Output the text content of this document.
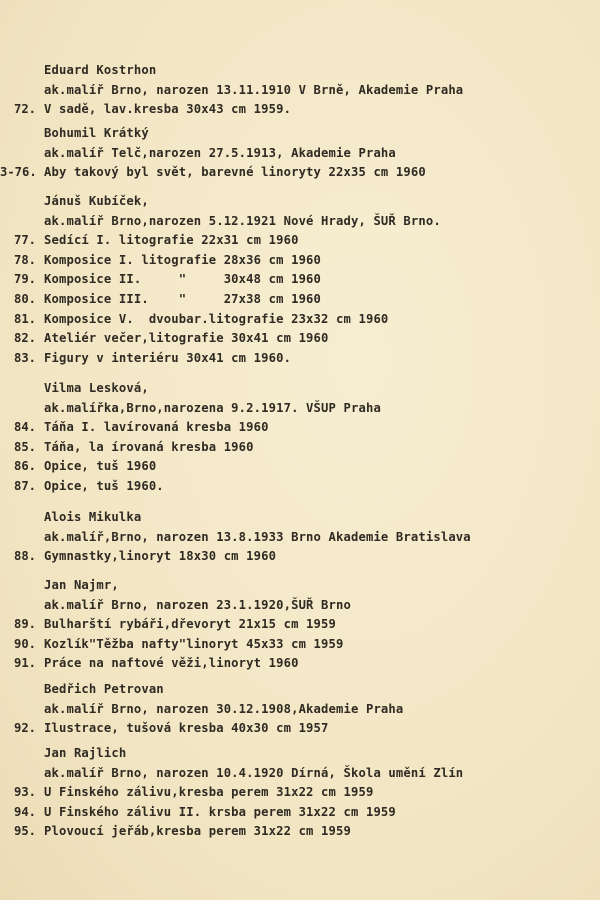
Eduard Kostrhon
ak.malíř Brno, narozen 13.11.1910 V Brně, Akademie Praha
72. V sadě, lav.kresba 30x43 cm 1959.
Bohumil Krátký
ak.malíř Telč,narozen 27.5.1913, Akademie Praha
3-76. Aby takový byl svět, barevné linoryty 22x35 cm 1960
Jánuš Kubíček,
ak.malíř Brno,narozen 5.12.1921 Nové Hrady, ŠUŘ Brno.
77. Sedící I. litografie 22x31 cm 1960
78. Komposice I. litografie 28x36 cm 1960
79. Komposice II.     "     30x48 cm 1960
80. Komposice III.    "     27x38 cm 1960
81. Komposice V.  dvoubar.litografie 23x32 cm 1960
82. Ateliér večer,litografie 30x41 cm 1960
83. Figury v interiéru 30x41 cm 1960.
Vilma Lesková,
ak.malířka,Brno,narozena 9.2.1917. VŠUP Praha
84. Táňa I. lavírovaná kresba 1960
85. Táňa, la írovaná kresba 1960
86. Opice, tuš 1960
87. Opice, tuš 1960.
Alois Mikulka
ak.malíř,Brno, narozen 13.8.1933 Brno Akademie Bratislava
88. Gymnastky,linoryt 18x30 cm 1960
Jan Najmr,
ak.malíř Brno, narozen 23.1.1920,ŠUŘ Brno
89. Bulharští rybáři,dřevoryt 21x15 cm 1959
90. Kozlík"Těžba nafty"linoryt 45x33 cm 1959
91. Práce na naftové věži,linoryt 1960
Bedřich Petrovan
ak.malíř Brno, narozen 30.12.1908,Akademie Praha
92. Ilustrace, tušová kresba 40x30 cm 1957
Jan Rajlich
ak.malíř Brno, narozen 10.4.1920 Dírná, Škola umění Zlín
93. U Finského zálivu,kresba perem 31x22 cm 1959
94. U Finského zálivu II. krsba perem 31x22 cm 1959
95. Plovoucí jeřáb,kresba perem 31x22 cm 1959
